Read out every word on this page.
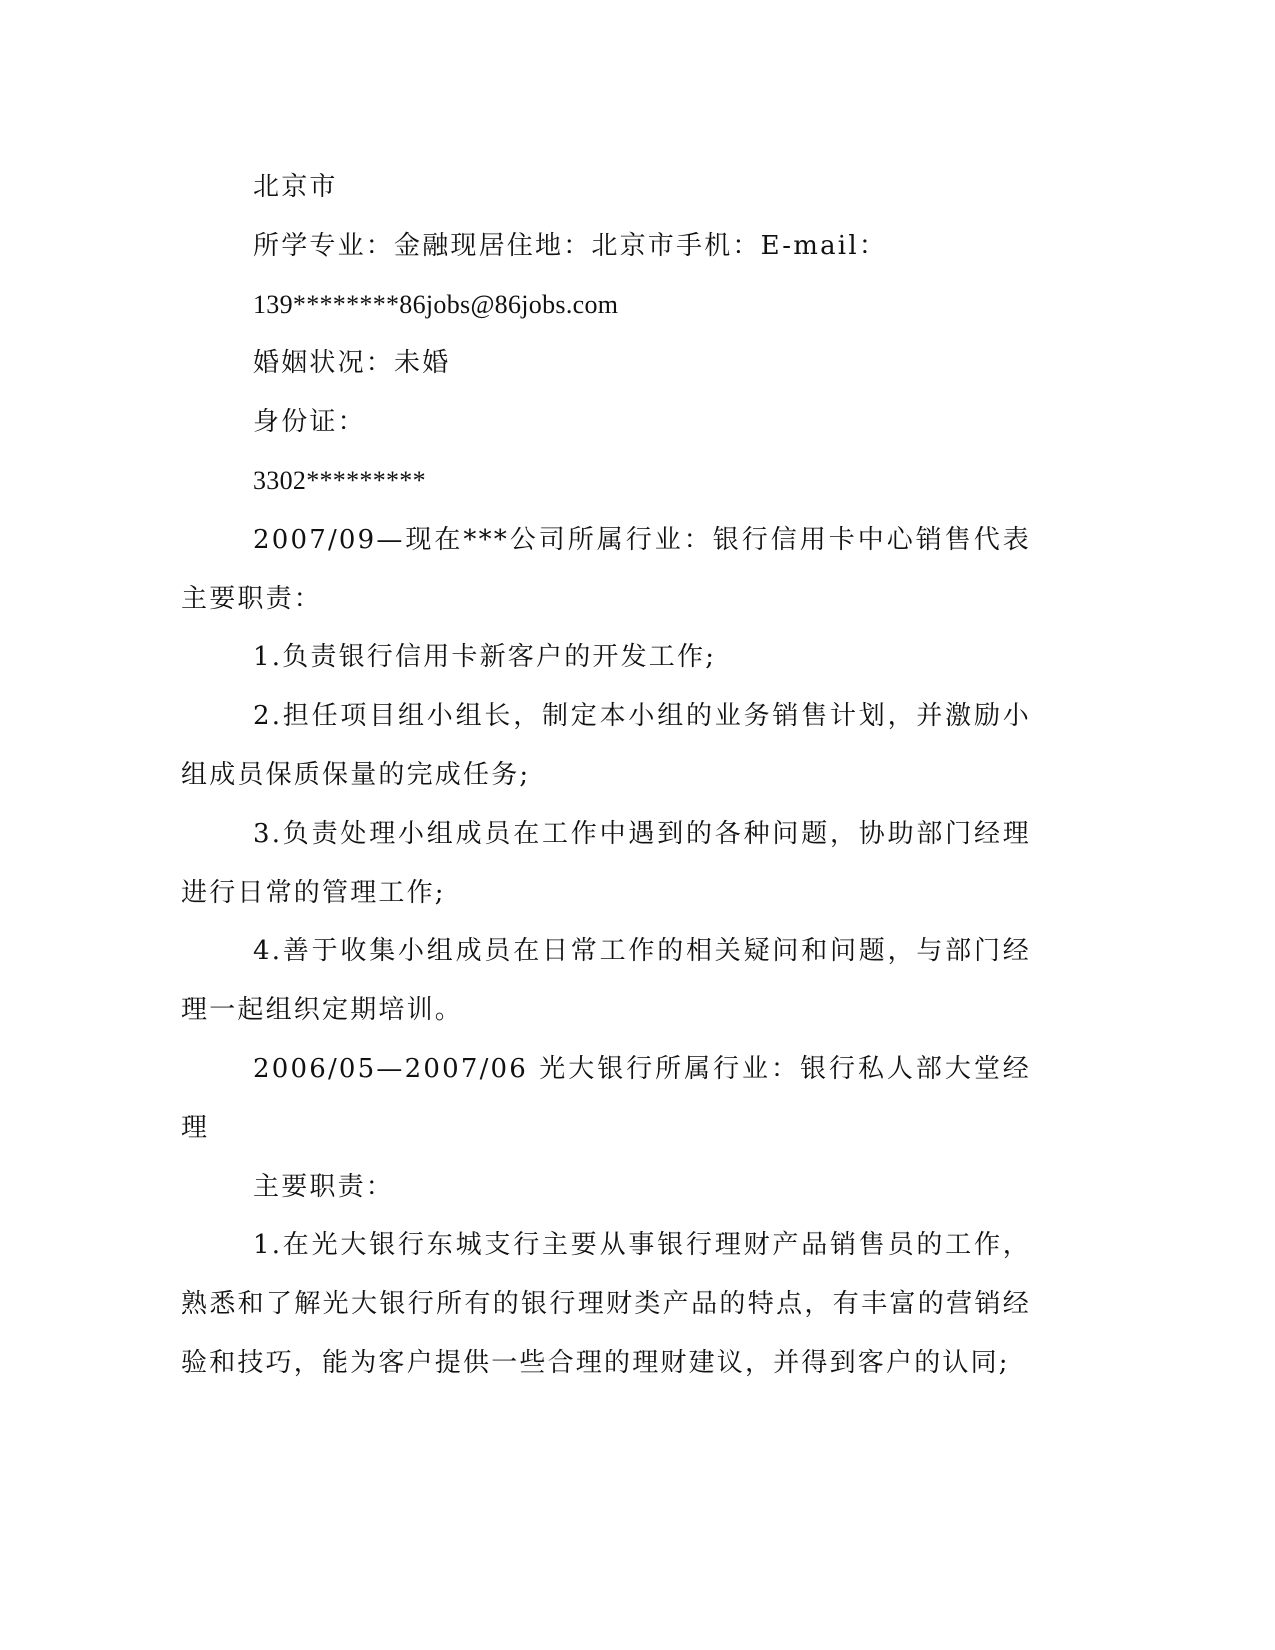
北京市

所学专业：金融现居住地：北京市手机：E-mail：

139********86jobs@86jobs.com

婚姻状况：未婚

身份证：

3302*********

2007/09—现在***公司所属行业：银行信用卡中心销售代表主要职责：

1.负责银行信用卡新客户的开发工作;

2.担任项目组小组长，制定本小组的业务销售计划，并激励小组成员保质保量的完成任务;

3.负责处理小组成员在工作中遇到的各种问题，协助部门经理进行日常的管理工作;

4.善于收集小组成员在日常工作的相关疑问和问题，与部门经理一起组织定期培训。

2006/05—2007/06 光大银行所属行业：银行私人部大堂经理

主要职责：

1.在光大银行东城支行主要从事银行理财产品销售员的工作，熟悉和了解光大银行所有的银行理财类产品的特点，有丰富的营销经验和技巧，能为客户提供一些合理的理财建议，并得到客户的认同;
